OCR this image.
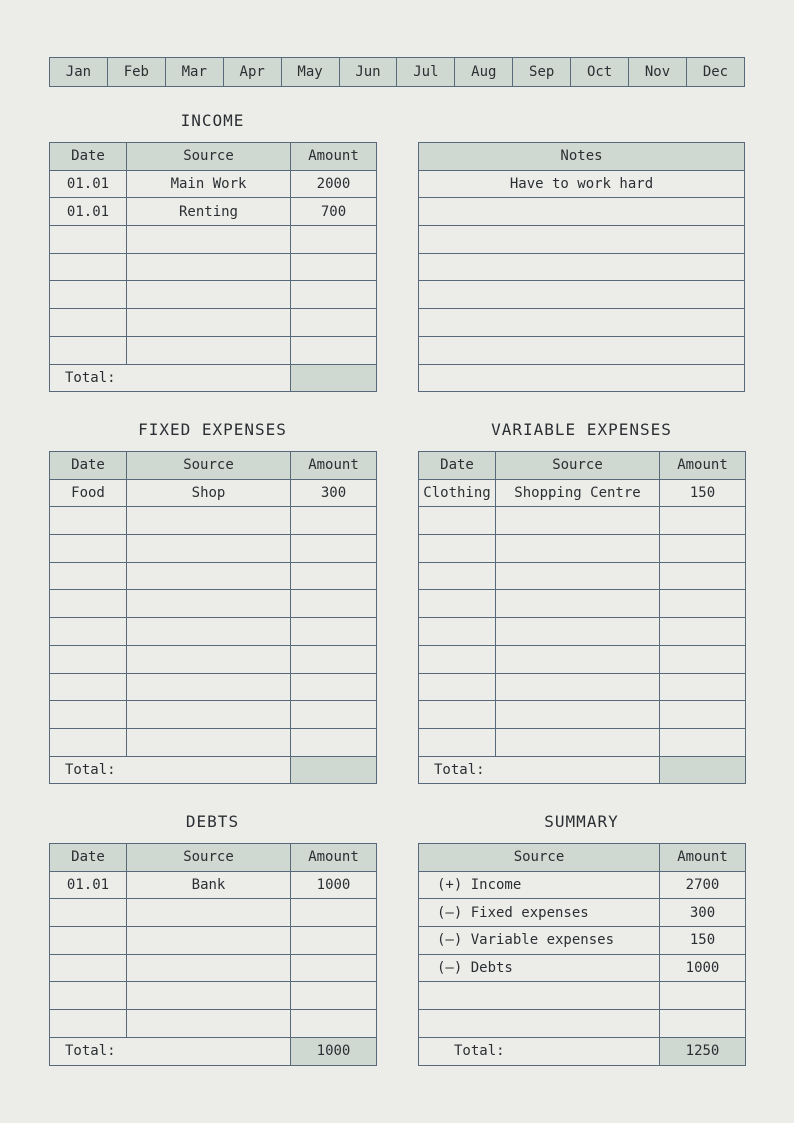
Jan	Feb	Mar	Apr	May	Jun	Jul	Aug	Sep	Oct	Nov	Dec
INCOME
Date	Source	Amount
01.01	Main Work	2000
01.01	Renting	700

Total:		
Notes
Have to work hard

FIXED EXPENSES
Date	Source	Amount
Food	Shop	300

Total:		
VARIABLE EXPENSES
Date	Source	Amount
Clothing	Shopping Centre	150

Total:		
DEBTS
Date	Source	Amount
01.01	Bank	1000

Total:		1000
SUMMARY
Source	Amount
(+) Income	2700
(–) Fixed expenses	300
(–) Variable expenses	150
(–) Debts	1000

Total:	1250
